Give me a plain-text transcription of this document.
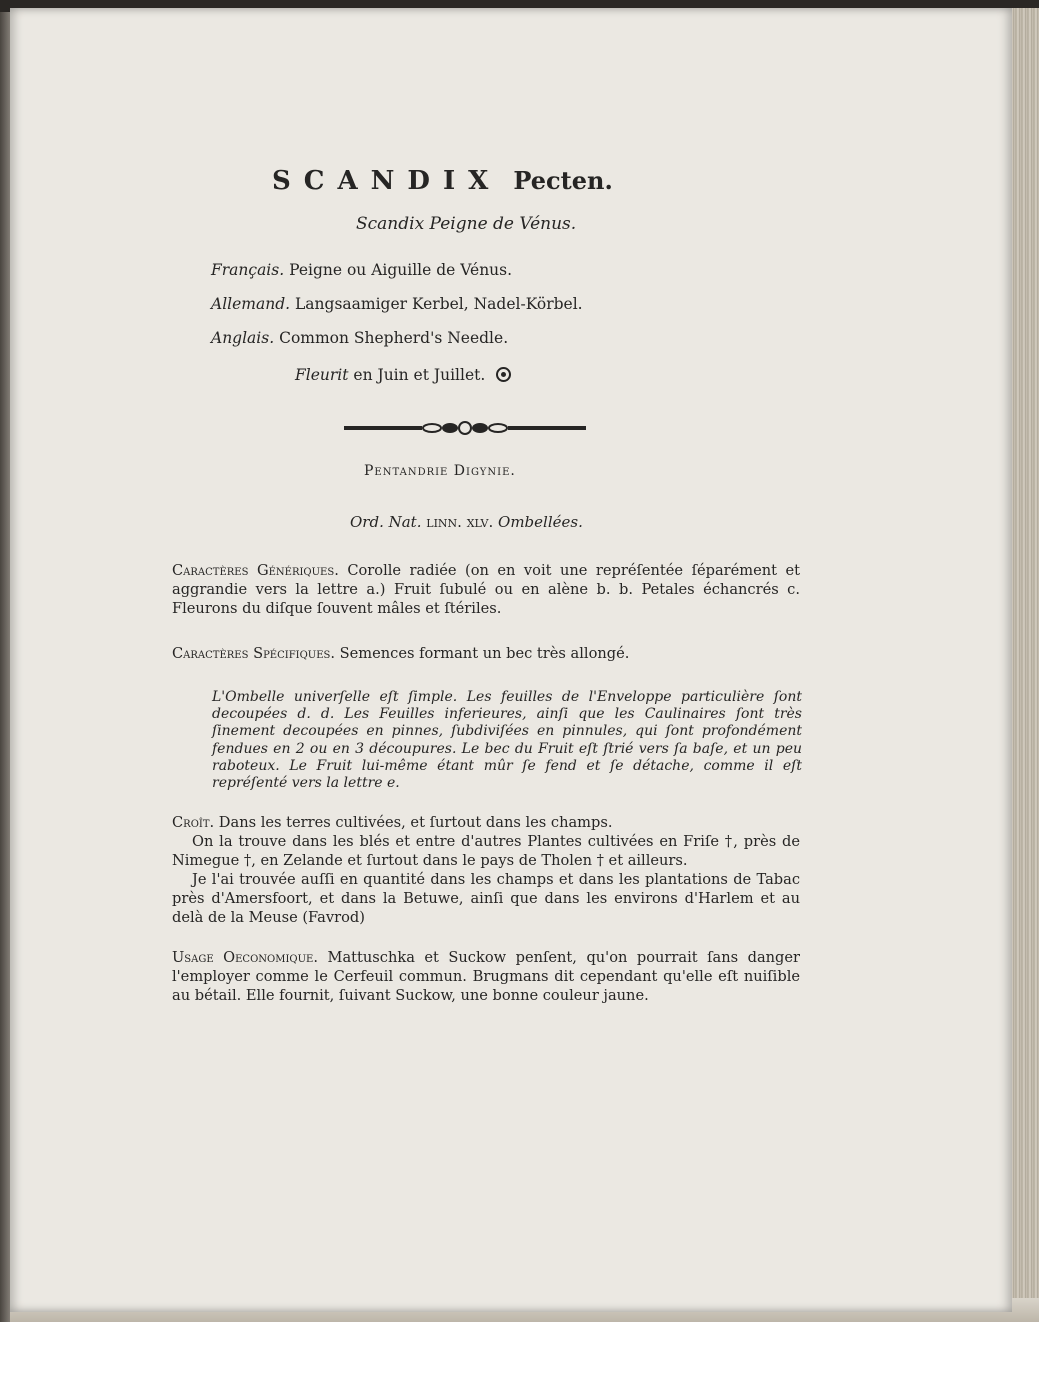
SCANDIX Pecten.
Scandix Peigne de Vénus.
Français. Peigne ou Aiguille de Vénus.
Allemand. Langsaamiger Kerbel, Nadel-Körbel.
Anglais. Common Shepherd's Needle.
Fleurit en Juin et Juillet.
Pentandrie Digynie.
Ord. Nat. linn. xlv. Ombellées.

Caractères Génériques. Corolle radiée (on en voit une repréſentée ſéparément et aggrandie vers la lettre a.) Fruit ſubulé ou en alène b. b. Petales échancrés c. Fleurons du diſque ſouvent mâles et ſtériles.

Caractères Spécifiques. Semences formant un bec très allongé.

L'Ombelle univerſelle eſt ſimple. Les feuilles de l'Enveloppe particulière ſont decoupées d. d. Les Feuilles inferieures, ainſi que les Caulinaires ſont très ſinement decoupées en pinnes, ſubdiviſées en pinnules, qui ſont profondément fendues en 2 ou en 3 découpures. Le bec du Fruit eſt ſtrié vers ſa baſe, et un peu raboteux. Le Fruit lui-même étant mûr ſe fend et ſe détache, comme il eſt repréſenté vers la lettre e.

Croît. Dans les terres cultivées, et ſurtout dans les champs.

On la trouve dans les blés et entre d'autres Plantes cultivées en Friſe †, près de Nimegue †, en Zelande et ſurtout dans le pays de Tholen † et ailleurs.

Je l'ai trouvée auſſi en quantité dans les champs et dans les plantations de Tabac près d'Amersfoort, et dans la Betuwe, ainſi que dans les environs d'Harlem et au delà de la Meuse (Favrod)

Usage Oeconomique. Mattuschka et Suckow penſent, qu'on pourrait ſans danger l'employer comme le Cerfeuil commun. Brugmans dit cependant qu'elle eſt nuiſible au bétail. Elle fournit, ſuivant Suckow, une bonne couleur jaune.
